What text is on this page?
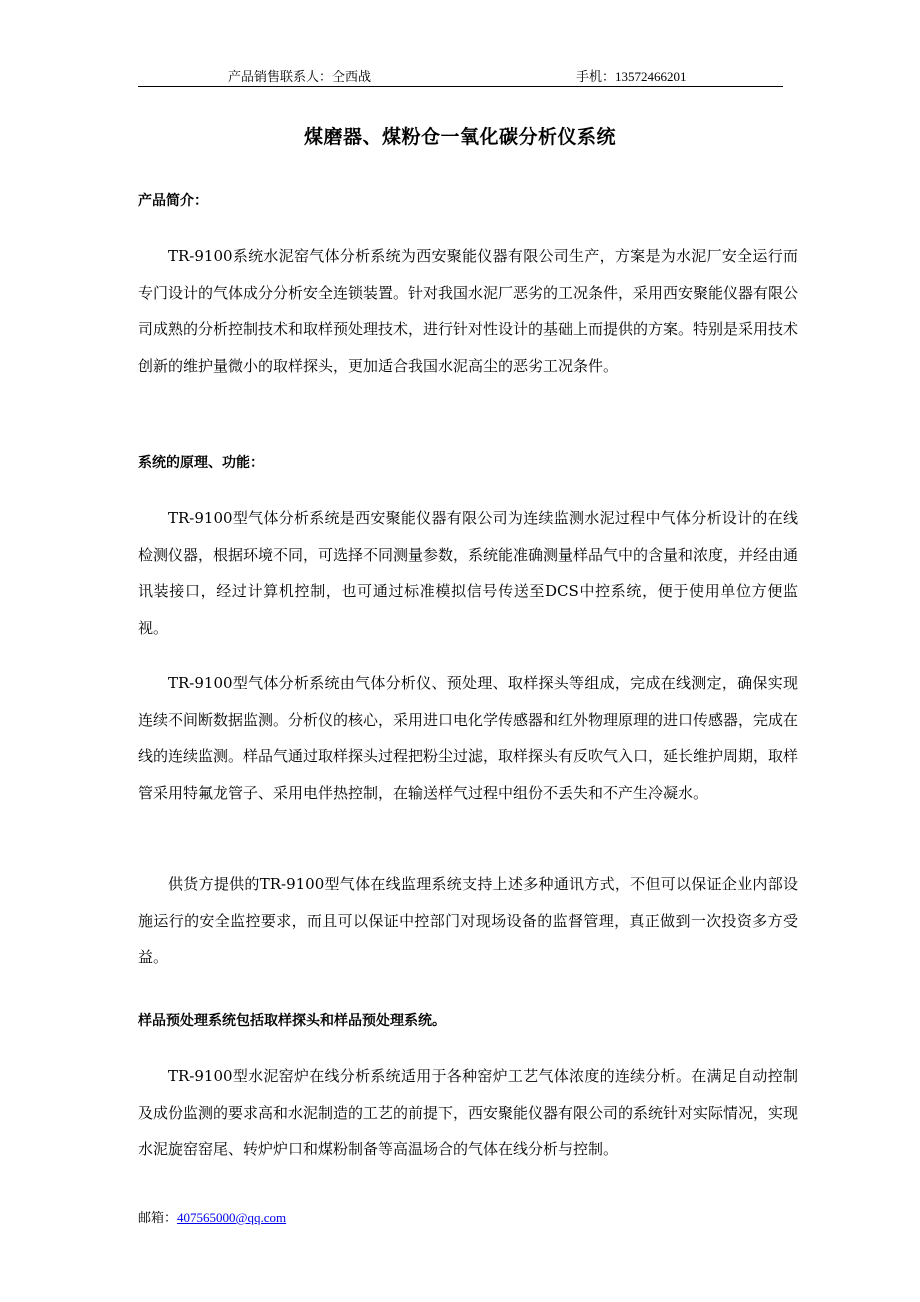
产品销售联系人：仝西战	手机：13572466201
煤磨器、煤粉仓一氧化碳分析仪系统
产品简介：
TR-9100系统水泥窑气体分析系统为西安聚能仪器有限公司生产，方案是为水泥厂安全运行而专门设计的气体成分分析安全连锁装置。针对我国水泥厂恶劣的工况条件，采用西安聚能仪器有限公司成熟的分析控制技术和取样预处理技术，进行针对性设计的基础上而提供的方案。特别是采用技术创新的维护量微小的取样探头，更加适合我国水泥高尘的恶劣工况条件。
系统的原理、功能：
TR-9100型气体分析系统是西安聚能仪器有限公司为连续监测水泥过程中气体分析设计的在线检测仪器，根据环境不同，可选择不同测量参数，系统能准确测量样品气中的含量和浓度，并经由通讯装接口，经过计算机控制，也可通过标准模拟信号传送至DCS中控系统，便于使用单位方便监视。
TR-9100型气体分析系统由气体分析仪、预处理、取样探头等组成，完成在线测定，确保实现连续不间断数据监测。分析仪的核心，采用进口电化学传感器和红外物理原理的进口传感器，完成在线的连续监测。样品气通过取样探头过程把粉尘过滤，取样探头有反吹气入口，延长维护周期，取样管采用特氟龙管子、采用电伴热控制，在输送样气过程中组份不丢失和不产生冷凝水。
供货方提供的TR-9100型气体在线监理系统支持上述多种通讯方式，不但可以保证企业内部设施运行的安全监控要求，而且可以保证中控部门对现场设备的监督管理，真正做到一次投资多方受益。
样品预处理系统包括取样探头和样品预处理系统。
TR-9100型水泥窑炉在线分析系统适用于各种窑炉工艺气体浓度的连续分析。在满足自动控制及成份监测的要求高和水泥制造的工艺的前提下，西安聚能仪器有限公司的系统针对实际情况，实现水泥旋窑窑尾、转炉炉口和煤粉制备等高温场合的气体在线分析与控制。
邮箱：407565000@qq.com
